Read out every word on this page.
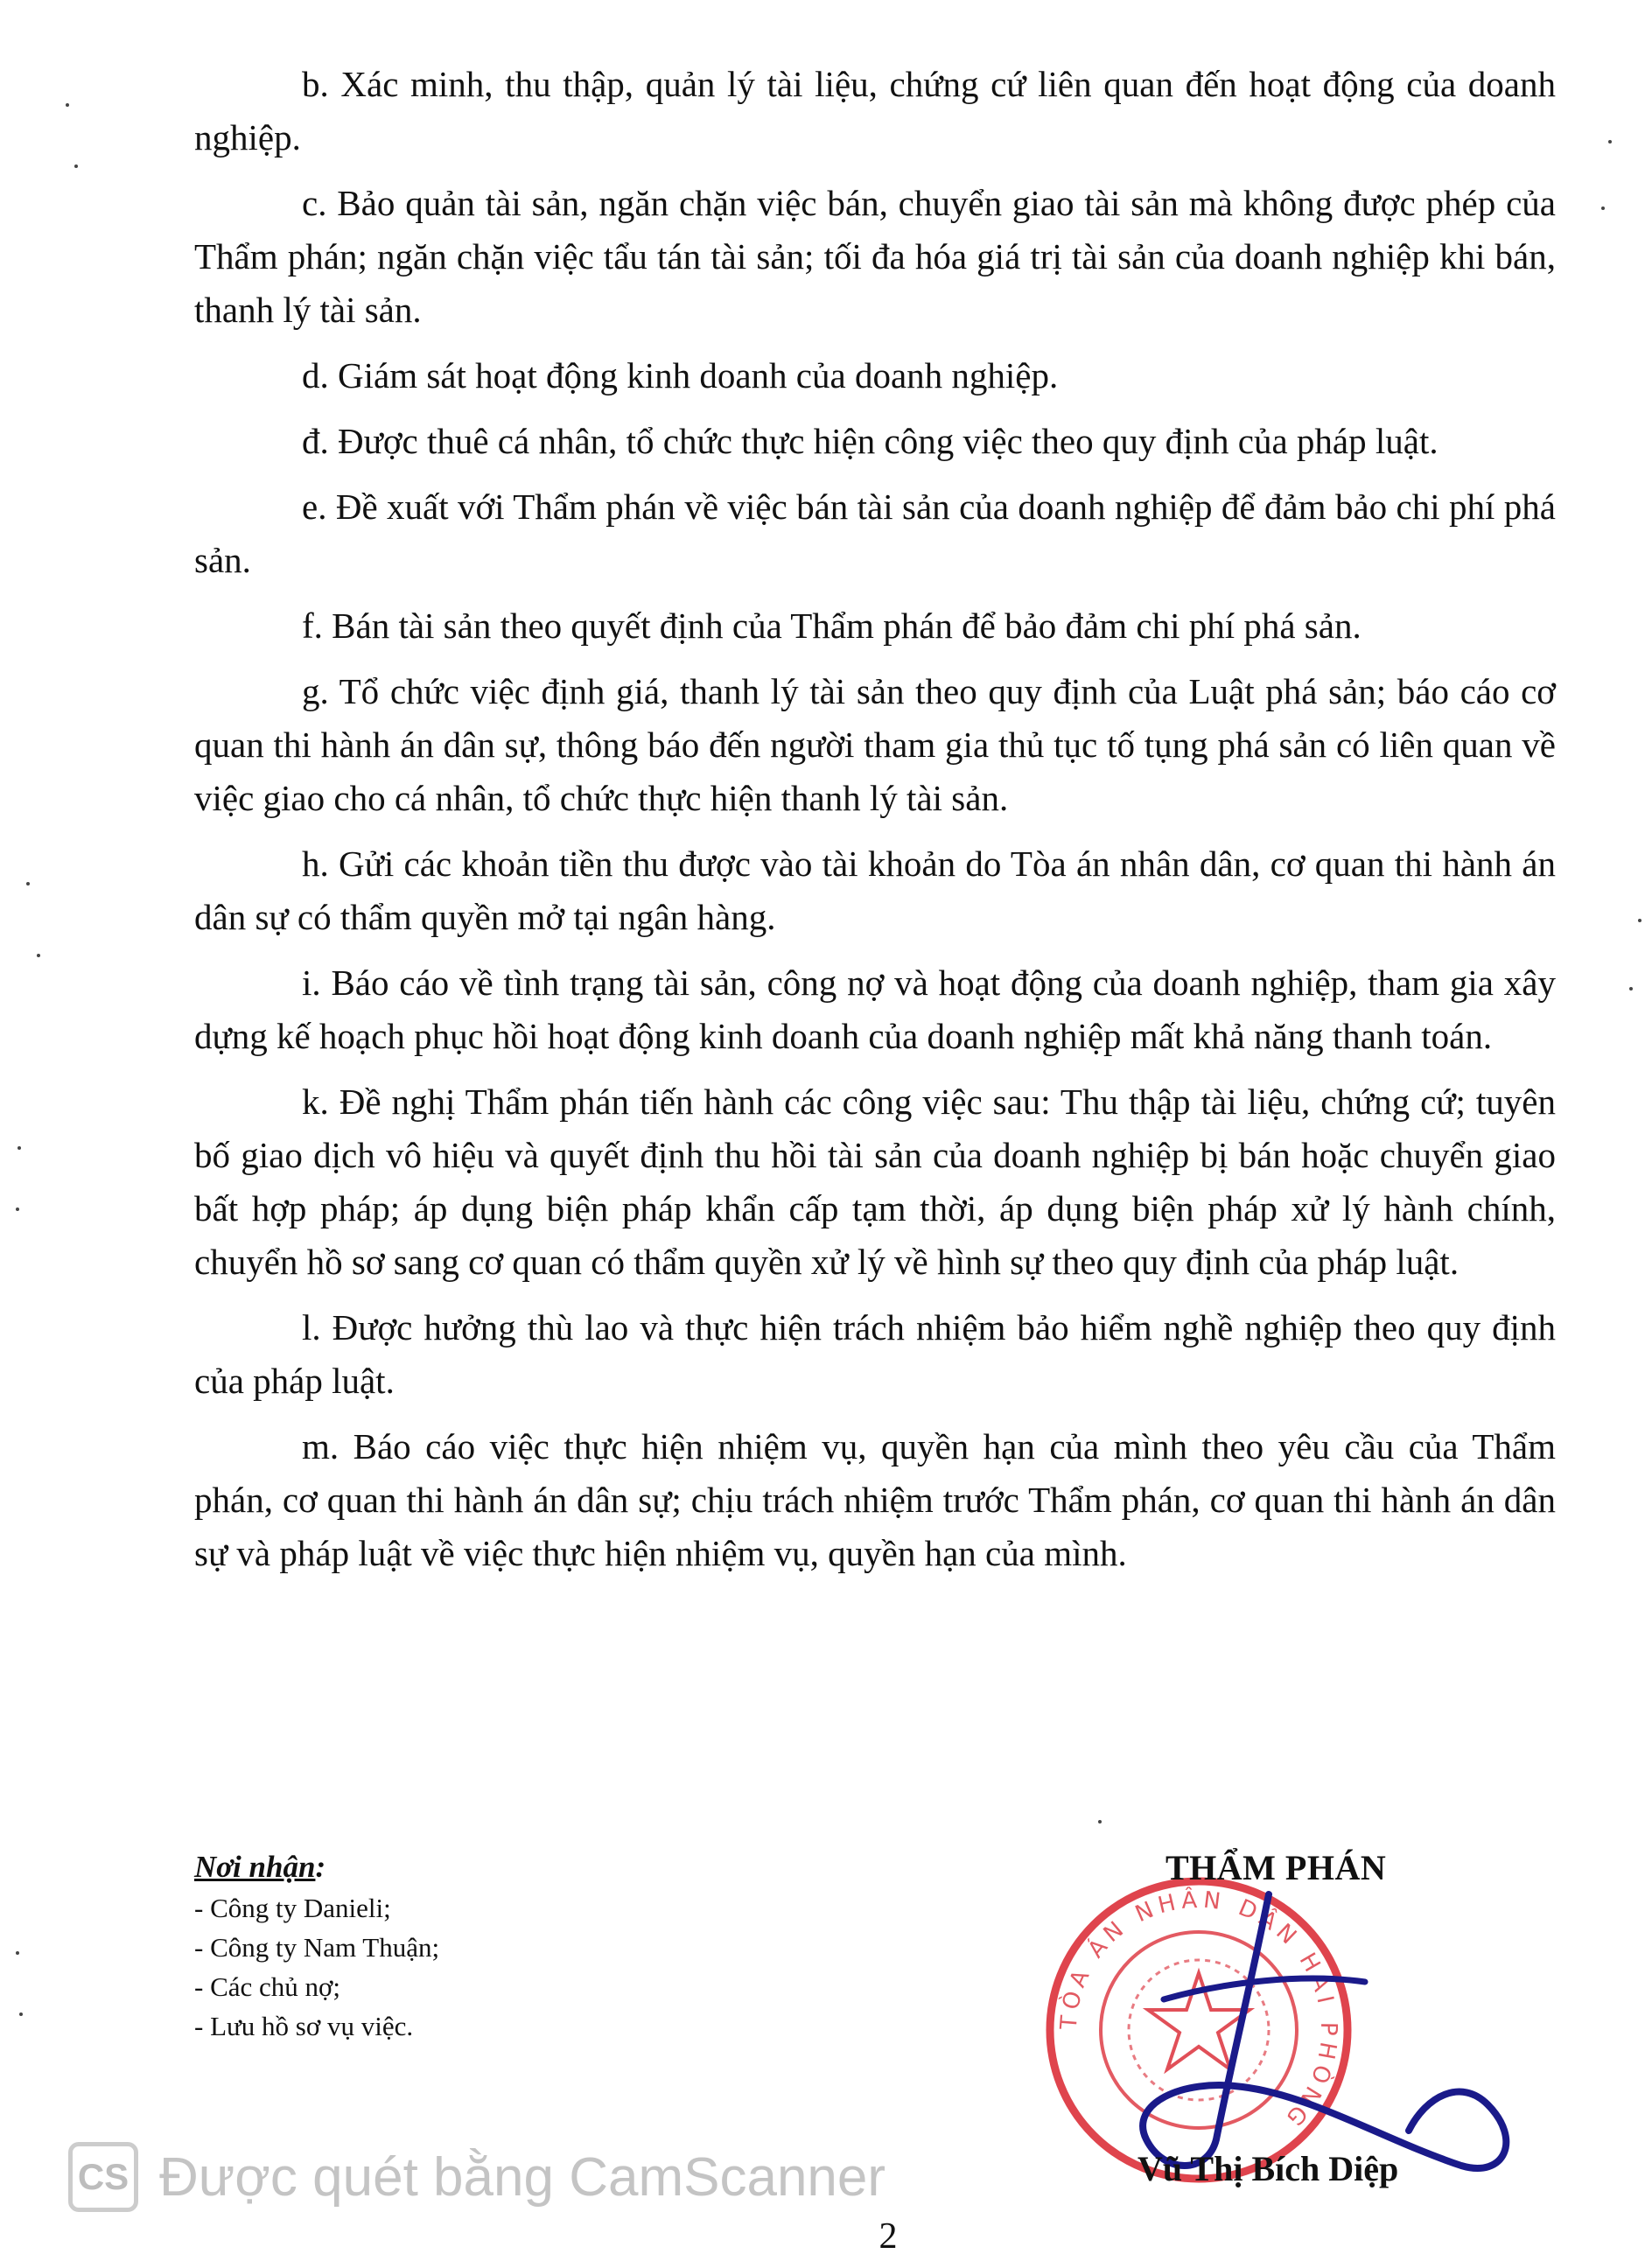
b. Xác minh, thu thập, quản lý tài liệu, chứng cứ liên quan đến hoạt động của doanh nghiệp.

c. Bảo quản tài sản, ngăn chặn việc bán, chuyển giao tài sản mà không được phép của Thẩm phán; ngăn chặn việc tẩu tán tài sản; tối đa hóa giá trị tài sản của doanh nghiệp khi bán, thanh lý tài sản.

d. Giám sát hoạt động kinh doanh của doanh nghiệp.

đ. Được thuê cá nhân, tổ chức thực hiện công việc theo quy định của pháp luật.

e. Đề xuất với Thẩm phán về việc bán tài sản của doanh nghiệp để đảm bảo chi phí phá sản.

f. Bán tài sản theo quyết định của Thẩm phán để bảo đảm chi phí phá sản.

g. Tổ chức việc định giá, thanh lý tài sản theo quy định của Luật phá sản; báo cáo cơ quan thi hành án dân sự, thông báo đến người tham gia thủ tục tố tụng phá sản có liên quan về việc giao cho cá nhân, tổ chức thực hiện thanh lý tài sản.

h. Gửi các khoản tiền thu được vào tài khoản do Tòa án nhân dân, cơ quan thi hành án dân sự có thẩm quyền mở tại ngân hàng.

i. Báo cáo về tình trạng tài sản, công nợ và hoạt động của doanh nghiệp, tham gia xây dựng kế hoạch phục hồi hoạt động kinh doanh của doanh nghiệp mất khả năng thanh toán.

k. Đề nghị Thẩm phán tiến hành các công việc sau: Thu thập tài liệu, chứng cứ; tuyên bố giao dịch vô hiệu và quyết định thu hồi tài sản của doanh nghiệp bị bán hoặc chuyển giao bất hợp pháp; áp dụng biện pháp khẩn cấp tạm thời, áp dụng biện pháp xử lý hành chính, chuyển hồ sơ sang cơ quan có thẩm quyền xử lý về hình sự theo quy định của pháp luật.

l. Được hưởng thù lao và thực hiện trách nhiệm bảo hiểm nghề nghiệp theo quy định của pháp luật.

m. Báo cáo việc thực hiện nhiệm vụ, quyền hạn của mình theo yêu cầu của Thẩm phán, cơ quan thi hành án dân sự; chịu trách nhiệm trước Thẩm phán, cơ quan thi hành án dân sự và pháp luật về việc thực hiện nhiệm vụ, quyền hạn của mình.

Nơi nhận:
- Công ty Danieli;
- Công ty Nam Thuận;
- Các chủ nợ;
- Lưu hồ sơ vụ việc.	TÒA ÁN NHÂN DÂN HẢI PHÒNG
THẨM PHÁN
Vũ Thị Bích Diệp
2
CS Được quét bằng CamScanner
